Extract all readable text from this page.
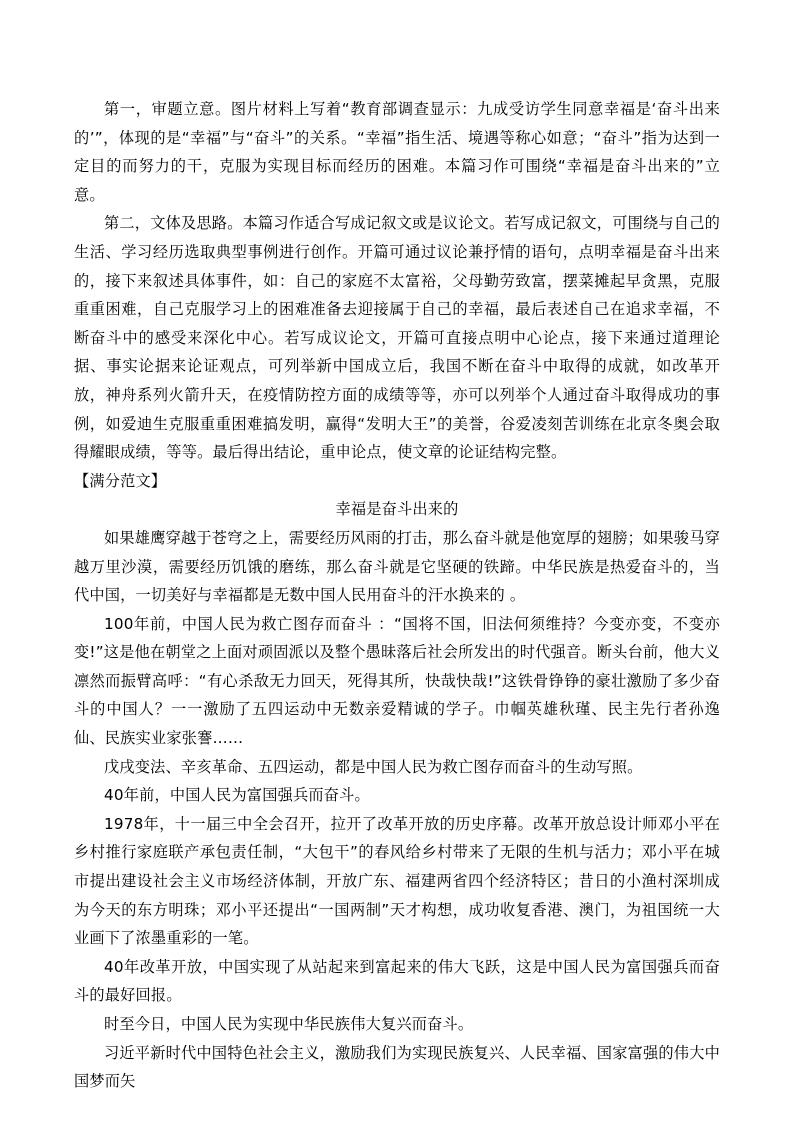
第一，审题立意。图片材料上写着“教育部调查显示：九成受访学生同意幸福是‘奋斗出来的’”，体现的是“幸福”与“奋斗”的关系。“幸福”指生活、境遇等称心如意；“奋斗”指为达到一定目的而努力的干，克服为实现目标而经历的困难。本篇习作可围绕“幸福是奋斗出来的”立意。

第二，文体及思路。本篇习作适合写成记叙文或是议论文。若写成记叙文，可围绕与自己的生活、学习经历选取典型事例进行创作。开篇可通过议论兼抒情的语句，点明幸福是奋斗出来的，接下来叙述具体事件，如：自己的家庭不太富裕，父母勤劳致富，摆菜摊起早贪黑，克服重重困难，自己克服学习上的困难准备去迎接属于自己的幸福，最后表述自己在追求幸福，不断奋斗中的感受来深化中心。若写成议论文，开篇可直接点明中心论点，接下来通过道理论据、事实论据来论证观点，可列举新中国成立后，我国不断在奋斗中取得的成就，如改革开放，神舟系列火箭升天，在疫情防控方面的成绩等等，亦可以列举个人通过奋斗取得成功的事例，如爱迪生克服重重困难搞发明，赢得“发明大王”的美誉，谷爱凌刻苦训练在北京冬奥会取得耀眼成绩，等等。最后得出结论，重申论点，使文章的论证结构完整。

【满分范文】

幸福是奋斗出来的

如果雄鹰穿越于苍穹之上，需要经历风雨的打击，那么奋斗就是他宽厚的翅膀；如果骏马穿越万里沙漠，需要经历饥饿的磨练，那么奋斗就是它坚硬的铁蹄。中华民族是热爱奋斗的，当代中国，一切美好与幸福都是无数中国人民用奋斗的汗水换来的 。

100年前，中国人民为救亡图存而奋斗 ：“国将不国，旧法何须维持？今变亦变，不变亦变!”这是他在朝堂之上面对顽固派以及整个愚昧落后社会所发出的时代强音。断头台前，他大义凛然而振臂高呼：“有心杀敌无力回天，死得其所，快哉快哉!”这铁骨铮铮的豪壮激励了多少奋斗的中国人？一一激励了五四运动中无数亲爱精诚的学子。巾帼英雄秋瑾、民主先行者孙逸仙、民族实业家张謇……

戊戌变法、辛亥革命、五四运动，都是中国人民为救亡图存而奋斗的生动写照。

40年前，中国人民为富国强兵而奋斗。

1978年，十一届三中全会召开，拉开了改革开放的历史序幕。改革开放总设计师邓小平在乡村推行家庭联产承包责任制，“大包干”的春风给乡村带来了无限的生机与活力；邓小平在城市提出建设社会主义市场经济体制，开放广东、福建两省四个经济特区；昔日的小渔村深圳成为今天的东方明珠；邓小平还提出“一国两制”天才构想，成功收复香港、澳门，为祖国统一大业画下了浓墨重彩的一笔。

40年改革开放，中国实现了从站起来到富起来的伟大飞跃，这是中国人民为富国强兵而奋斗的最好回报。

时至今日，中国人民为实现中华民族伟大复兴而奋斗。

习近平新时代中国特色社会主义，激励我们为实现民族复兴、人民幸福、国家富强的伟大中国梦而矢
